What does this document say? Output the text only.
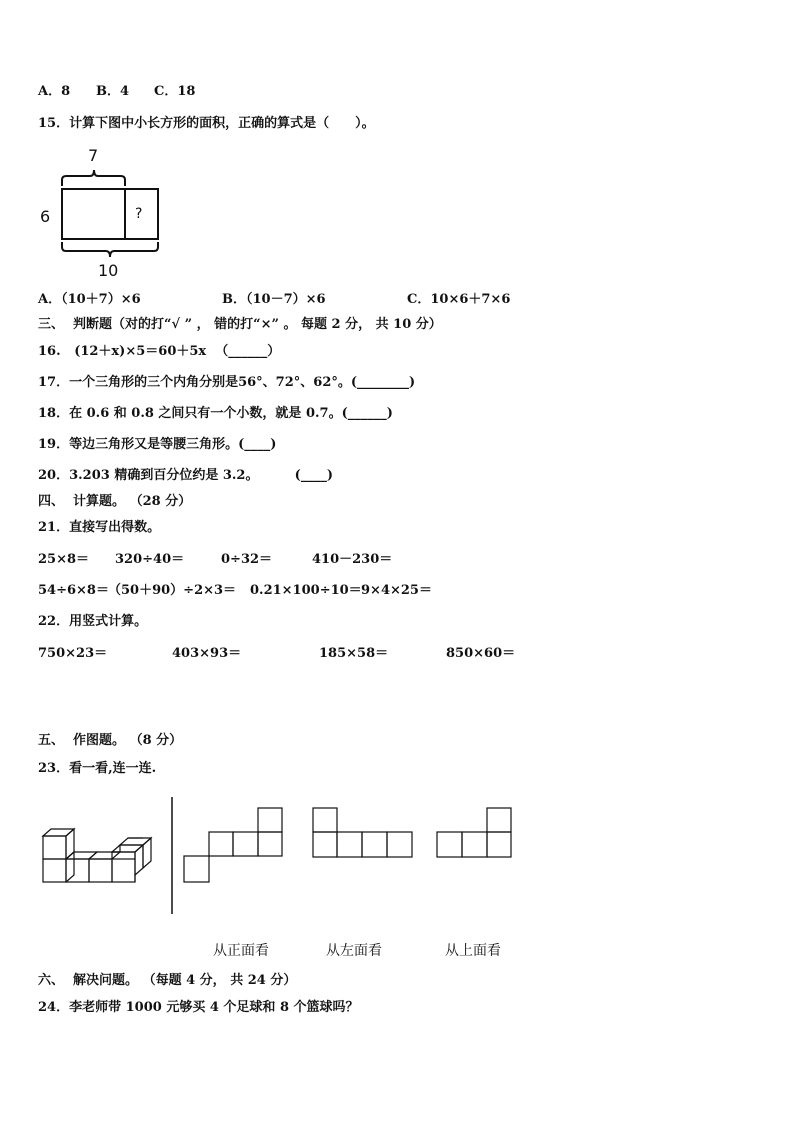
A．8 B．4 C．18
15．计算下图中小长方形的面积，正确的算式是（　　）。
7
6
10
?
A．（10＋7）×6	B．（10－7）×6	C．10×6＋7×6
三、  判断题（对的打“√ ” ， 错的打“×” 。 每题 2 分， 共 10 分）
16.   (12＋x)×5＝60＋5x  （______）
17．一个三角形的三个内角分别是56°、72°、62°。(________)
18．在 0.6 和 0.8 之间只有一个小数，就是 0.7。(______)
19．等边三角形又是等腰三角形。(____)
20．3.203 精确到百分位约是 3.2。        (____)
四、  计算题。 （28 分）
21．直接写出得数。
25×8＝ 320÷40＝	0÷32＝	410－230＝
54÷6×8＝ （50＋90）÷2×3＝ 0.21×100÷10＝ 9×4×25＝
22．用竖式计算。
750×23＝	403×93＝	185×58＝	850×60＝
五、  作图题。 （8 分）
23．看一看,连一连.
从正面看	从左面看	从上面看
六、  解决问题。 （每题 4 分， 共 24 分）
24．李老师带 1000 元够买 4 个足球和 8 个篮球吗？
